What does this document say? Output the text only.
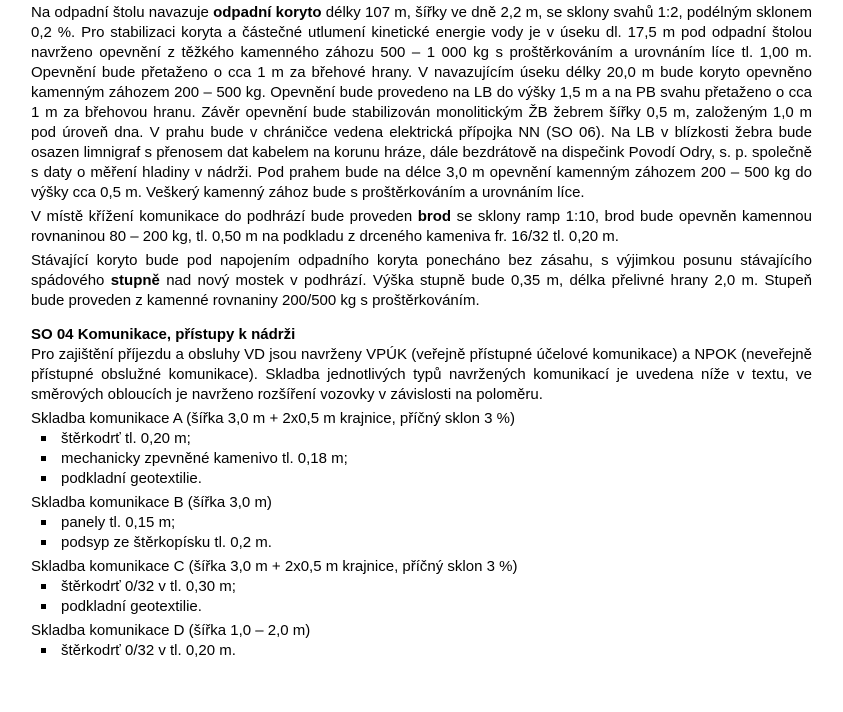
Na odpadní štolu navazuje odpadní koryto délky 107 m, šířky ve dně 2,2 m, se sklony svahů 1:2, podélným sklonem 0,2 %. Pro stabilizaci koryta a částečné utlumení kinetické energie vody je v úseku dl. 17,5 m pod odpadní štolou navrženo opevnění z těžkého kamenného záhozu 500 – 1 000 kg s proštěrkováním a urovnáním líce tl. 1,00 m. Opevnění bude přetaženo o cca 1 m za břehové hrany. V navazujícím úseku délky 20,0 m bude koryto opevněno kamenným záhozem 200 – 500 kg. Opevnění bude provedeno na LB do výšky 1,5 m a na PB svahu přetaženo o cca 1 m za břehovou hranu. Závěr opevnění bude stabilizován monolitickým ŽB žebrem šířky 0,5 m, založeným 1,0 m pod úroveň dna. V prahu bude v chráničce vedena elektrická přípojka NN (SO 06). Na LB v blízkosti žebra bude osazen limnigraf s přenosem dat kabelem na korunu hráze, dále bezdrátově na dispečink Povodí Odry, s. p. společně s daty o měření hladiny v nádrži. Pod prahem bude na délce 3,0 m opevnění kamenným záhozem 200 – 500 kg do výšky cca 0,5 m. Veškerý kamenný zához bude s proštěrkováním a urovnáním líce.

V místě křížení komunikace do podhrází bude proveden brod se sklony ramp 1:10, brod bude opevněn kamennou rovnaninou 80 – 200 kg, tl. 0,50 m na podkladu z drceného kameniva fr. 16/32 tl. 0,20 m.

Stávající koryto bude pod napojením odpadního koryta ponecháno bez zásahu, s výjimkou posunu stávajícího spádového stupně nad nový mostek v podhrází. Výška stupně bude 0,35 m, délka přelivné hrany 2,0 m. Stupeň bude proveden z kamenné rovnaniny 200/500 kg s proštěrkováním.

SO 04 Komunikace, přístupy k nádrži

Pro zajištění příjezdu a obsluhy VD jsou navrženy VPÚK (veřejně přístupné účelové komunikace) a NPOK (neveřejně přístupné obslužné komunikace). Skladba jednotlivých typů navržených komunikací je uvedena níže v textu, ve směrových obloucích je navrženo rozšíření vozovky v závislosti na poloměru.

Skladba komunikace A (šířka 3,0 m + 2x0,5 m krajnice, příčný sklon 3 %)
štěrkodrť tl. 0,20 m;
mechanicky zpevněné kamenivo tl. 0,18 m;
podkladní geotextilie.
Skladba komunikace B (šířka 3,0 m)
panely tl. 0,15 m;
podsyp ze štěrkopísku tl. 0,2 m.
Skladba komunikace C (šířka 3,0 m + 2x0,5 m krajnice, příčný sklon 3 %)
štěrkodrť 0/32 v tl. 0,30 m;
podkladní geotextilie.
Skladba komunikace D (šířka 1,0 – 2,0 m)
štěrkodrť 0/32 v tl. 0,20 m.
